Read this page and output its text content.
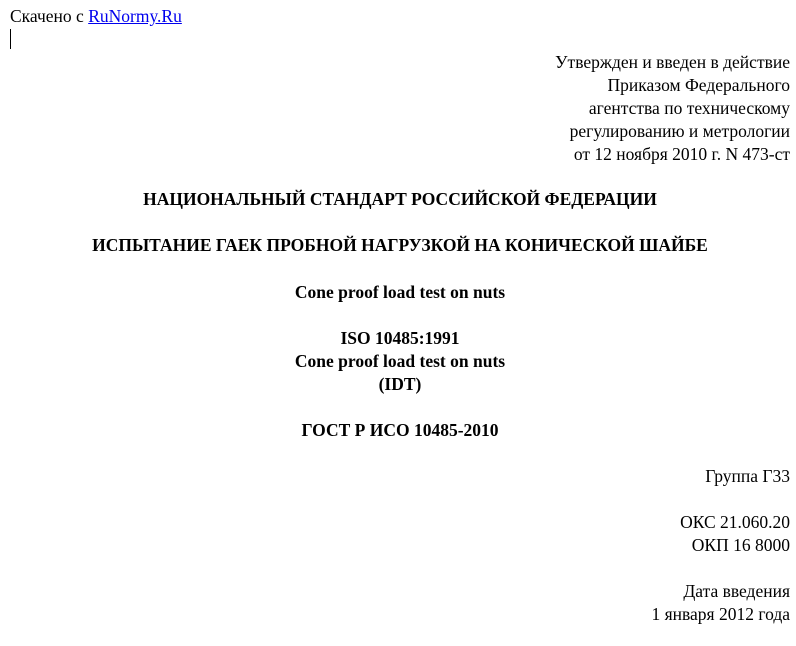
Скачено с RuNormy.Ru
Утвержден и введен в действие
Приказом Федерального
агентства по техническому
регулированию и метрологии
от 12 ноября 2010 г. N 473-ст
НАЦИОНАЛЬНЫЙ СТАНДАРТ РОССИЙСКОЙ ФЕДЕРАЦИИ
ИСПЫТАНИЕ ГАЕК ПРОБНОЙ НАГРУЗКОЙ НА КОНИЧЕСКОЙ ШАЙБЕ
Cone proof load test on nuts
ISO 10485:1991
Cone proof load test on nuts
(IDT)
ГОСТ Р ИСО 10485-2010
Группа Г33
ОКС 21.060.20
ОКП 16 8000
Дата введения
1 января 2012 года
